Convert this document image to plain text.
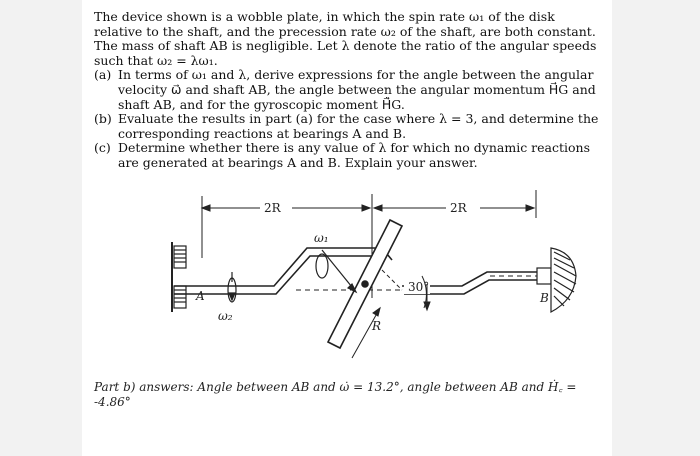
The device shown is a wobble plate, in which the spin rate ω₁ of the disk relative to the shaft, and the precession rate ω₂ of the shaft, are both constant. The mass of shaft AB is negligible. Let λ denote the ratio of the angular speeds such that ω₂ = λω₁.

(a) In terms of ω₁ and λ, derive expressions for the angle between the angular velocity ω⃗ and shaft AB, the angle between the angular momentum H⃗G and shaft AB, and for the gyroscopic moment H⃗̇G.
(b) Evaluate the results in part (a) for the case where λ = 3, and determine the corresponding reactions at bearings A and B.
(c) Determine whether there is any value of λ for which no dynamic reactions are generated at bearings A and B. Explain your answer.
2R	2R
A
ω₁
ω₂
30°
R
B
Part b) answers: Angle between AB and ω̇ = 13.2°, angle between AB and Ḣ꜀ = -4.86°
